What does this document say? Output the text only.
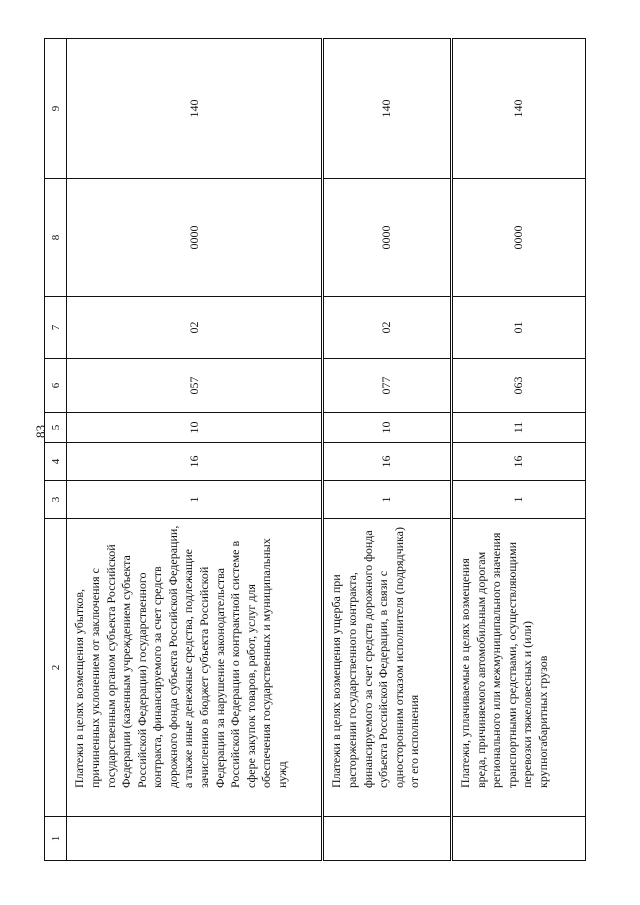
83
1	2	3	4	5	6	7	8	9
	Платежи в целях возмещения убытков, причиненных уклонением от заключения с государственным органом субъекта Российской Федерации (казенным учреждением субъекта Российской Федерации) государственного контракта, финансируемого за счет средств дорожного фонда субъекта Российской Федерации, а также иные денежные средства, подлежащие зачислению в бюджет субъекта Российской Федерации за нарушение законодательства Российской Федерации о контрактной системе в сфере закупок товаров, работ, услуг для обеспечения государственных и муниципальных нужд	1	16	10	057	02	0000	140
	Платежи в целях возмещения ущерба при расторжении государственного контракта, финансируемого за счет средств дорожного фонда субъекта Российской Федерации, в связи с односторонним отказом исполнителя (подрядчика) от его исполнения	1	16	10	077	02	0000	140
	Платежи, уплачиваемые в целях возмещения вреда, причиняемого автомобильным дорогам регионального или межмуниципального значения транспортными средствами, осуществляющими перевозки тяжеловесных и (или) крупногабаритных грузов	1	16	11	063	01	0000	140
